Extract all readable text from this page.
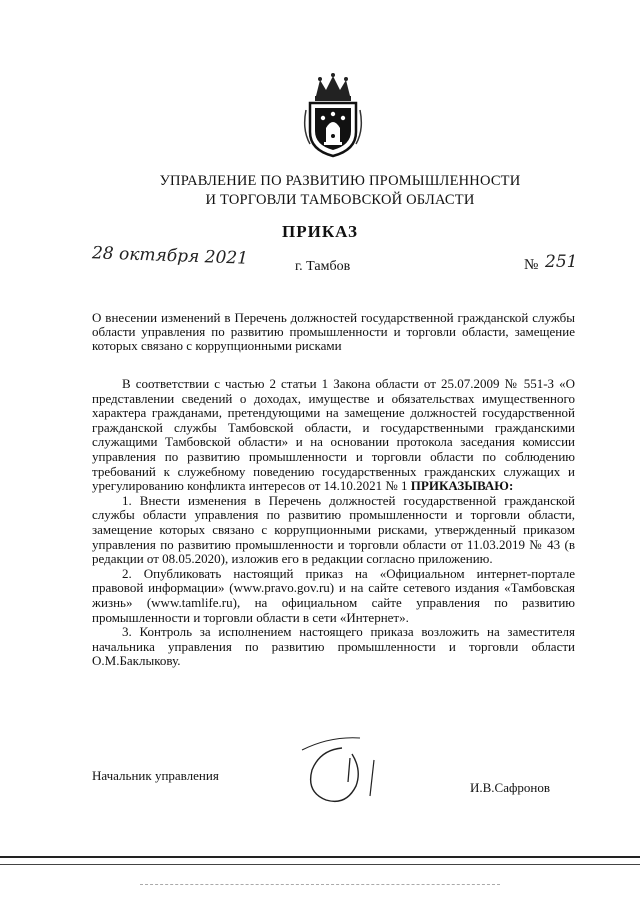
УПРАВЛЕНИЕ ПО РАЗВИТИЮ ПРОМЫШЛЕННОСТИ
И ТОРГОВЛИ ТАМБОВСКОЙ ОБЛАСТИ
ПРИКАЗ
28 октября 2021	г. Тамбов	№ 251
О внесении изменений в Перечень должностей государственной гражданской службы области управления по развитию промышленности и торговли области, замещение которых связано с коррупционными рисками

В соответствии с частью 2 статьи 1 Закона области от 25.07.2009 № 551-З «О представлении сведений о доходах, имуществе и обязательствах имущественного характера гражданами, претендующими на замещение должностей государственной гражданской службы Тамбовской области, и государственными гражданскими служащими Тамбовской области» и на основании протокола заседания комиссии управления по развитию промышленности и торговли области по соблюдению требований к служебному поведению государственных гражданских служащих и урегулированию конфликта интересов от 14.10.2021 № 1 ПРИКАЗЫВАЮ:

1. Внести изменения в Перечень должностей государственной гражданской службы области управления по развитию промышленности и торговли области, замещение которых связано с коррупционными рисками, утвержденный приказом управления по развитию промышленности и торговли области от 11.03.2019 № 43 (в редакции от 08.05.2020), изложив его в редакции согласно приложению.

2. Опубликовать настоящий приказ на «Официальном интернет-портале правовой информации» (www.pravo.gov.ru) и на сайте сетевого издания «Тамбовская жизнь» (www.tamlife.ru), на официальном сайте управления по развитию промышленности и торговли области в сети «Интернет».

3. Контроль за исполнением настоящего приказа возложить на заместителя начальника управления по развитию промышленности и торговли области О.М.Баклыкову.

Начальник управления
И.В.Сафронов
